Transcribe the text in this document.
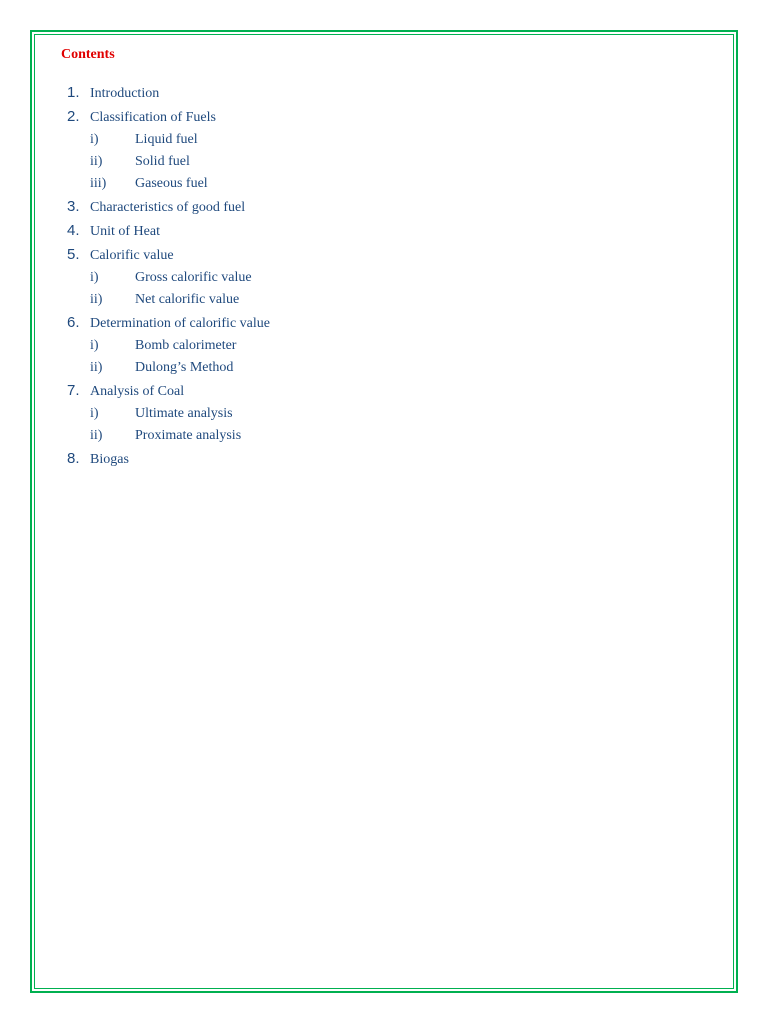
Contents
1. Introduction
2. Classification of Fuels
i)	Liquid fuel
ii)	Solid fuel
iii)	Gaseous fuel
3. Characteristics of good fuel
4. Unit of Heat
5. Calorific value
i)	Gross calorific value
ii)	Net calorific value
6. Determination of calorific value
i)	Bomb calorimeter
ii)	Dulong’s Method
7. Analysis of Coal
i)	Ultimate analysis
ii)	Proximate analysis
8. Biogas
